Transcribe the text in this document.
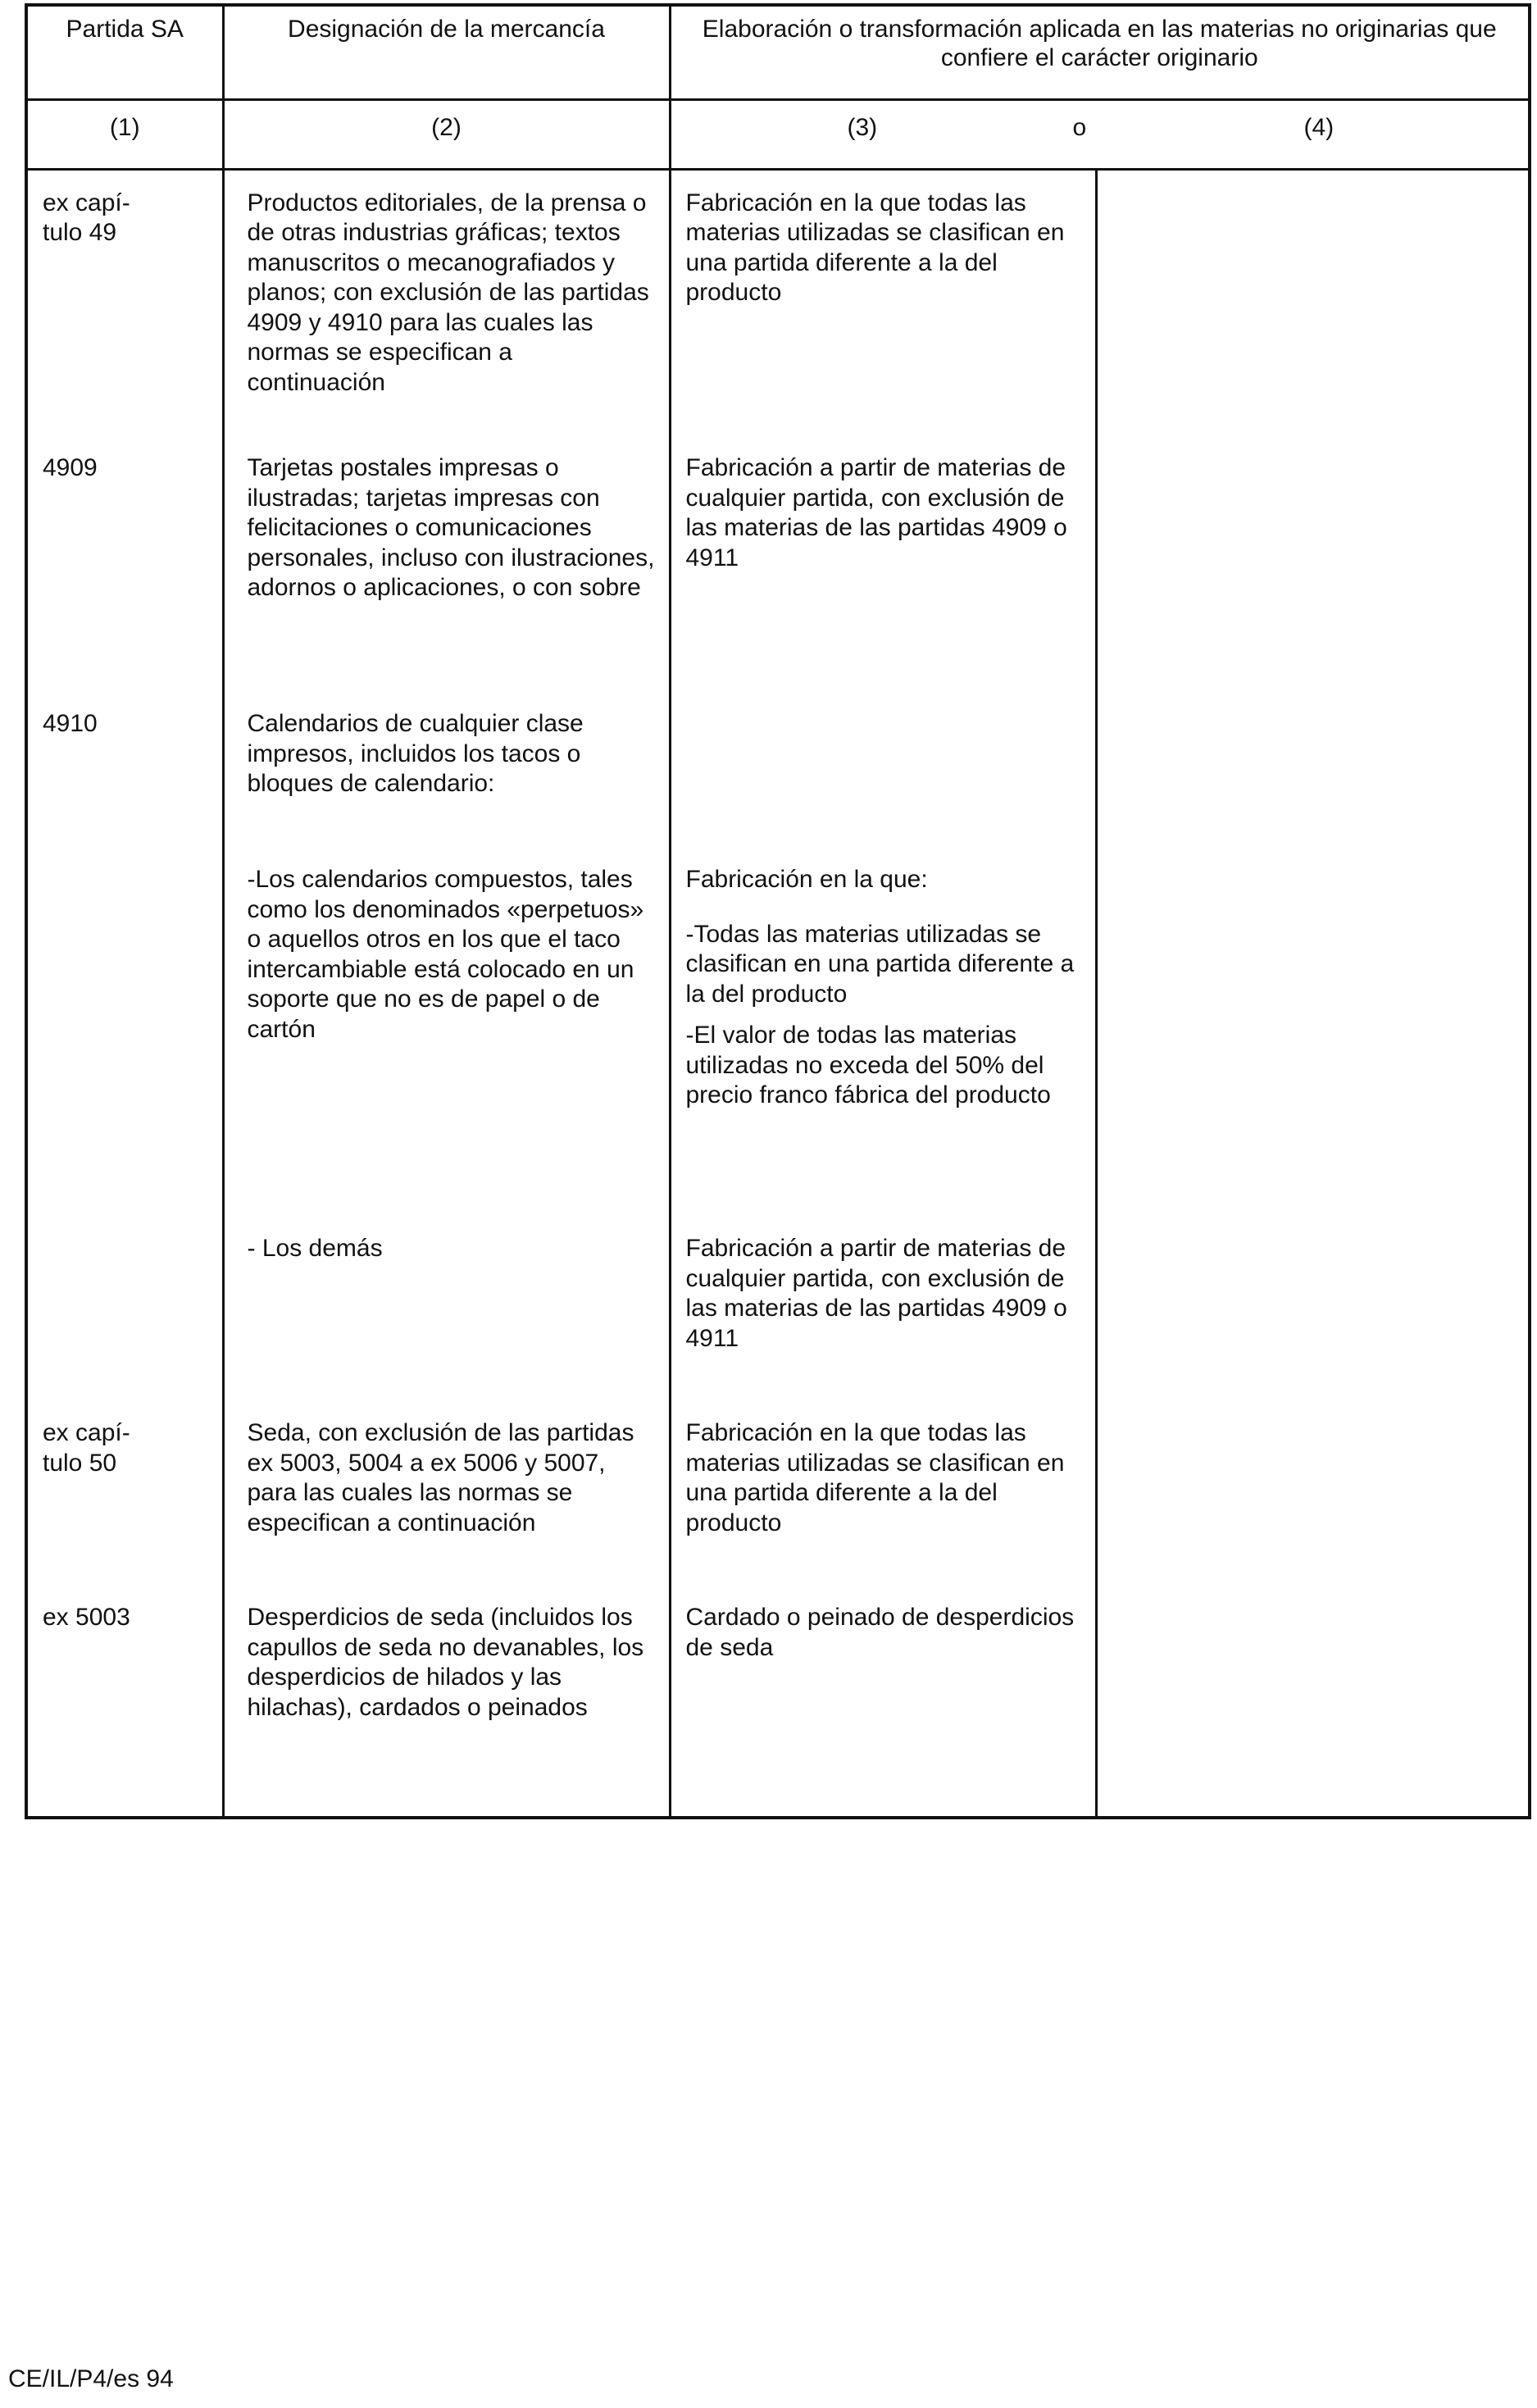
Partida SA	Designación de la mercancía	Elaboración o transformación aplicada en las materias no originarias que confiere el carácter originario	
(1)	(2)	(3) o (4)	

ex capí-
tulo 49	Productos editoriales, de la prensa o de otras industrias gráficas; textos manuscritos o mecanografiados y planos; con exclusión de las partidas 4909 y 4910 para las cuales las normas se especifican a continuación	Fabricación en la que todas las materias utilizadas se clasifican en una partida diferente a la del producto	

4909	Tarjetas postales impresas o ilustradas; tarjetas impresas con felicitaciones o comunicaciones personales, incluso con ilustraciones, adornos o aplicaciones, o con sobre	Fabricación a partir de materias de cualquier partida, con exclusión de las materias de las partidas 4909 o 4911	

4910	Calendarios de cualquier clase impresos, incluidos los tacos o bloques de calendario:		

	-Los calendarios compuestos, tales como los denominados «perpetuos» o aquellos otros en los que el taco intercambiable está colocado en un soporte que no es de papel o de cartón	Fabricación en la que:

-Todas las materias utilizadas se clasifican en una partida diferente a la del producto

-El valor de todas las materias utilizadas no exceda del 50% del precio franco fábrica del producto	

	- Los demás	Fabricación a partir de materias de cualquier partida, con exclusión de las materias de las partidas 4909 o 4911	

ex capí-
tulo 50	Seda, con exclusión de las partidas ex 5003, 5004 a ex 5006 y 5007, para las cuales las normas se especifican a continuación	Fabricación en la que todas las materias utilizadas se clasifican en una partida diferente a la del producto	

ex 5003	Desperdicios de seda (incluidos los capullos de seda no devanables, los desperdicios de hilados y las hilachas), cardados o peinados	Cardado o peinado de desperdicios de seda	

CE/IL/P4/es 94
